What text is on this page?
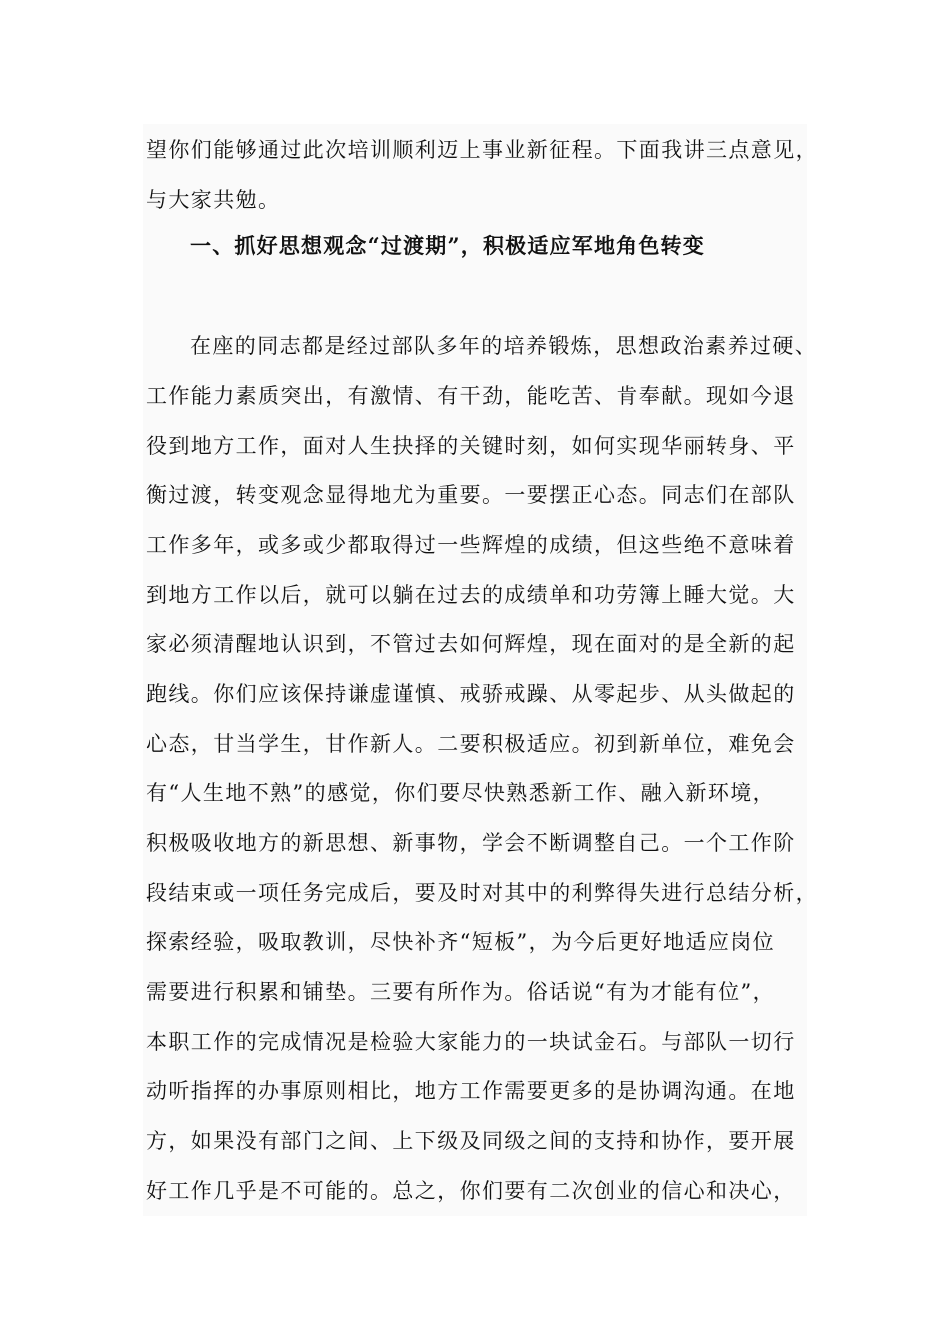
望你们能够通过此次培训顺利迈上事业新征程。下面我讲三点意见，
与大家共勉。
一、抓好思想观念“过渡期”，积极适应军地角色转变
在座的同志都是经过部队多年的培养锻炼，思想政治素养过硬、
工作能力素质突出，有激情、有干劲，能吃苦、肯奉献。现如今退
役到地方工作，面对人生抉择的关键时刻，如何实现华丽转身、平
衡过渡，转变观念显得地尤为重要。一要摆正心态。同志们在部队
工作多年，或多或少都取得过一些辉煌的成绩，但这些绝不意味着
到地方工作以后，就可以躺在过去的成绩单和功劳簿上睡大觉。大
家必须清醒地认识到，不管过去如何辉煌，现在面对的是全新的起
跑线。你们应该保持谦虚谨慎、戒骄戒躁、从零起步、从头做起的
心态，甘当学生，甘作新人。二要积极适应。初到新单位，难免会
有“人生地不熟”的感觉，你们要尽快熟悉新工作、融入新环境，
积极吸收地方的新思想、新事物，学会不断调整自己。一个工作阶
段结束或一项任务完成后，要及时对其中的利弊得失进行总结分析，
探索经验，吸取教训，尽快补齐“短板”，为今后更好地适应岗位
需要进行积累和铺垫。三要有所作为。俗话说“有为才能有位”，
本职工作的完成情况是检验大家能力的一块试金石。与部队一切行
动听指挥的办事原则相比，地方工作需要更多的是协调沟通。在地
方，如果没有部门之间、上下级及同级之间的支持和协作，要开展
好工作几乎是不可能的。总之，你们要有二次创业的信心和决心，
